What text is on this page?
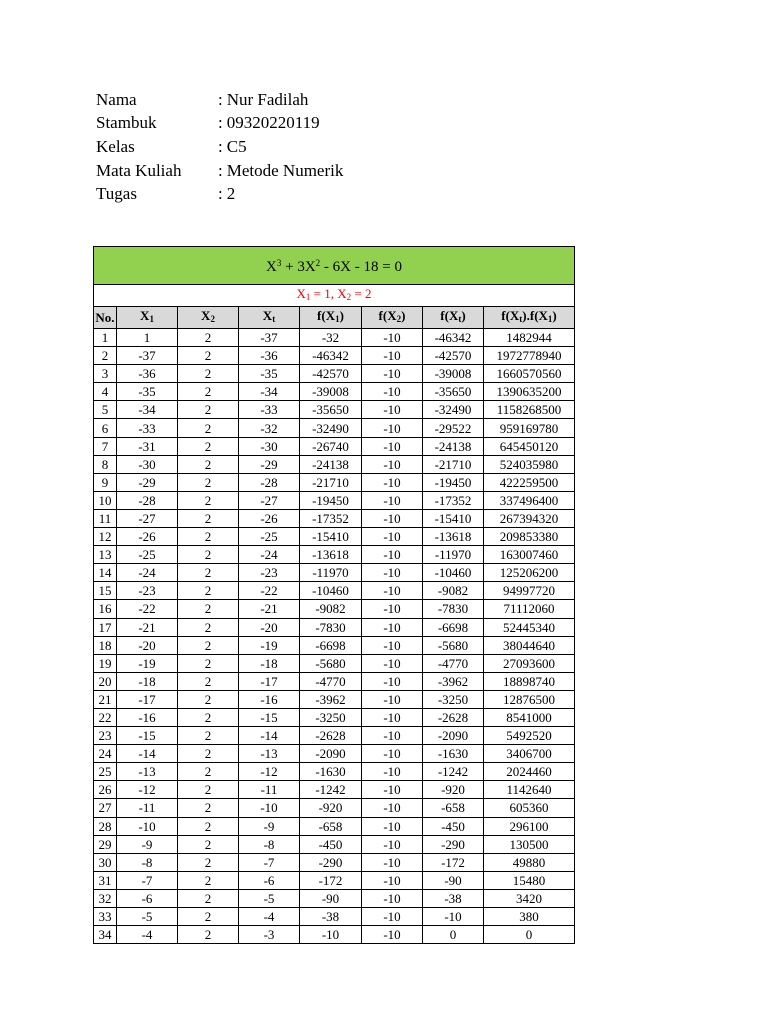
Nama	: Nur Fadilah
Stambuk	: 09320220119
Kelas	: C5
Mata Kuliah	: Metode Numerik
Tugas	: 2
$X^3 + 3X^2 - 6X - 18 = 0$							
$X_1 = 1$, $X_2 = 2$							
No.	$X_1$	$X_2$	$X_t$	$f(X_1)$	$f(X_2)$	$f(X_t)$	$f(X_t).f(X_1)$
1	1	2	-37	-32	-10	-46342	1482944
2	-37	2	-36	-46342	-10	-42570	1972778940
3	-36	2	-35	-42570	-10	-39008	1660570560
4	-35	2	-34	-39008	-10	-35650	1390635200
5	-34	2	-33	-35650	-10	-32490	1158268500
6	-33	2	-32	-32490	-10	-29522	959169780
7	-31	2	-30	-26740	-10	-24138	645450120
8	-30	2	-29	-24138	-10	-21710	524035980
9	-29	2	-28	-21710	-10	-19450	422259500
10	-28	2	-27	-19450	-10	-17352	337496400
11	-27	2	-26	-17352	-10	-15410	267394320
12	-26	2	-25	-15410	-10	-13618	209853380
13	-25	2	-24	-13618	-10	-11970	163007460
14	-24	2	-23	-11970	-10	-10460	125206200
15	-23	2	-22	-10460	-10	-9082	94997720
16	-22	2	-21	-9082	-10	-7830	71112060
17	-21	2	-20	-7830	-10	-6698	52445340
18	-20	2	-19	-6698	-10	-5680	38044640
19	-19	2	-18	-5680	-10	-4770	27093600
20	-18	2	-17	-4770	-10	-3962	18898740
21	-17	2	-16	-3962	-10	-3250	12876500
22	-16	2	-15	-3250	-10	-2628	8541000
23	-15	2	-14	-2628	-10	-2090	5492520
24	-14	2	-13	-2090	-10	-1630	3406700
25	-13	2	-12	-1630	-10	-1242	2024460
26	-12	2	-11	-1242	-10	-920	1142640
27	-11	2	-10	-920	-10	-658	605360
28	-10	2	-9	-658	-10	-450	296100
29	-9	2	-8	-450	-10	-290	130500
30	-8	2	-7	-290	-10	-172	49880
31	-7	2	-6	-172	-10	-90	15480
32	-6	2	-5	-90	-10	-38	3420
33	-5	2	-4	-38	-10	-10	380
34	-4	2	-3	-10	-10	0	0
